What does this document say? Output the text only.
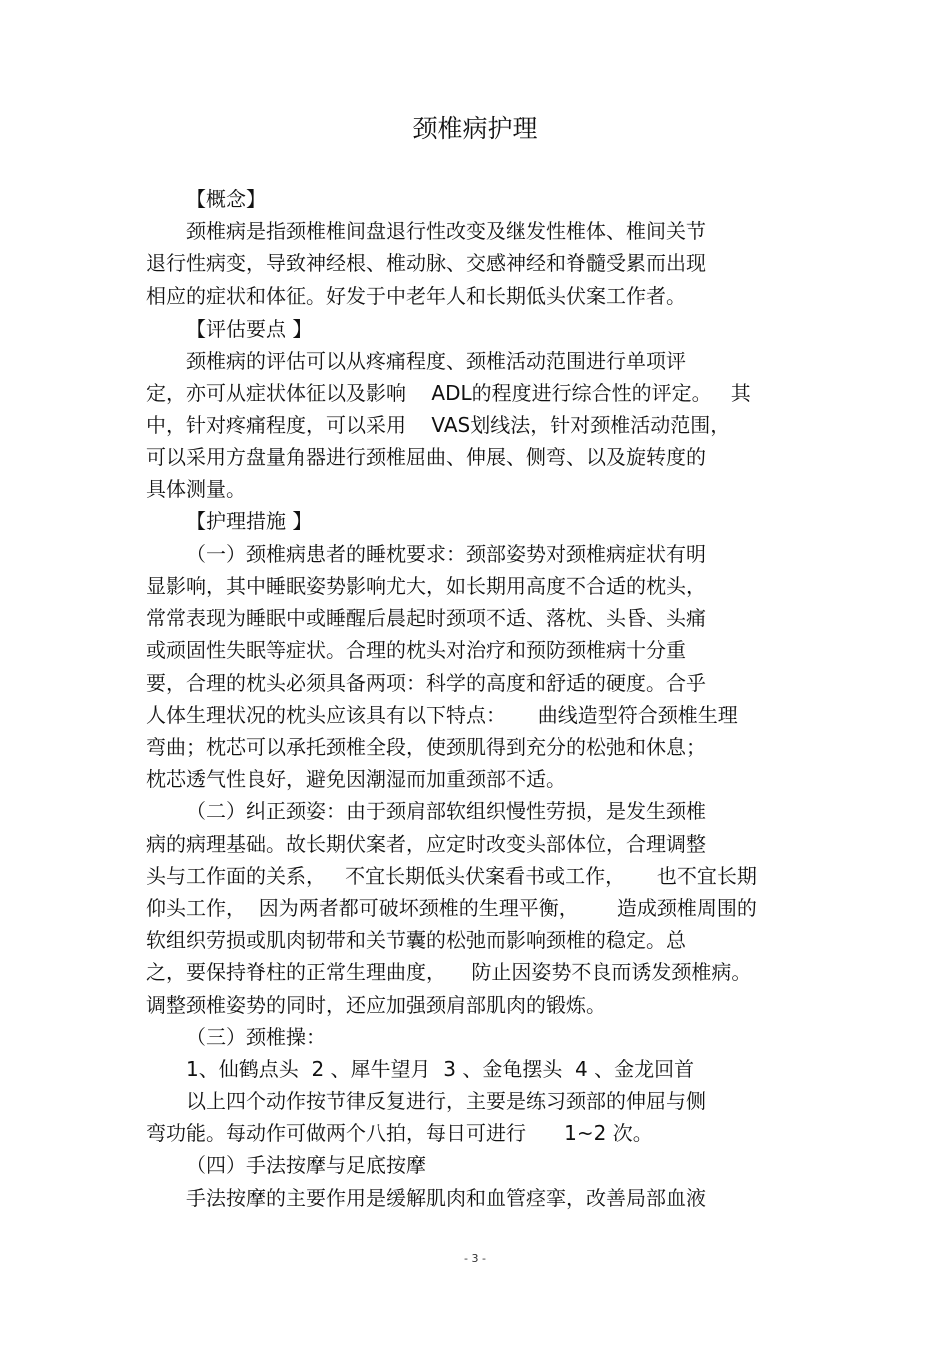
颈椎病护理
【概念】
颈椎病是指颈椎椎间盘退行性改变及继发性椎体、椎间关节
退行性病变，导致神经根、椎动脉、交感神经和脊髓受累而出现
相应的症状和体征。好发于中老年人和长期低头伏案工作者。
【评估要点 】
颈椎病的评估可以从疼痛程度、颈椎活动范围进行单项评
定，亦可从症状体征以及影响    ADL的程度进行综合性的评定。   其
中，针对疼痛程度，可以采用    VAS划线法，针对颈椎活动范围，
可以采用方盘量角器进行颈椎屈曲、伸展、侧弯、以及旋转度的
具体测量。
【护理措施 】
（一）颈椎病患者的睡枕要求：颈部姿势对颈椎病症状有明
显影响，其中睡眠姿势影响尤大，如长期用高度不合适的枕头，
常常表现为睡眠中或睡醒后晨起时颈项不适、落枕、头昏、头痛
或顽固性失眠等症状。合理的枕头对治疗和预防颈椎病十分重
要，合理的枕头必须具备两项：科学的高度和舒适的硬度。合乎
人体生理状况的枕头应该具有以下特点：     曲线造型符合颈椎生理
弯曲；枕芯可以承托颈椎全段，使颈肌得到充分的松弛和休息；
枕芯透气性良好，避免因潮湿而加重颈部不适。
（二）纠正颈姿：由于颈肩部软组织慢性劳损，是发生颈椎
病的病理基础。故长期伏案者，应定时改变头部体位，合理调整
头与工作面的关系，   不宜长期低头伏案看书或工作，     也不宜长期
仰头工作，  因为两者都可破坏颈椎的生理平衡，      造成颈椎周围的
软组织劳损或肌肉韧带和关节囊的松弛而影响颈椎的稳定。总
之，要保持脊柱的正常生理曲度，    防止因姿势不良而诱发颈椎病。
调整颈椎姿势的同时，还应加强颈肩部肌肉的锻炼。
（三）颈椎操：
1、仙鹤点头  2 、犀牛望月  3 、金龟摆头  4 、金龙回首
以上四个动作按节律反复进行，主要是练习颈部的伸屈与侧
弯功能。每动作可做两个八拍，每日可进行      1~2 次。
（四）手法按摩与足底按摩
手法按摩的主要作用是缓解肌肉和血管痉挛，改善局部血液
- 3 -
